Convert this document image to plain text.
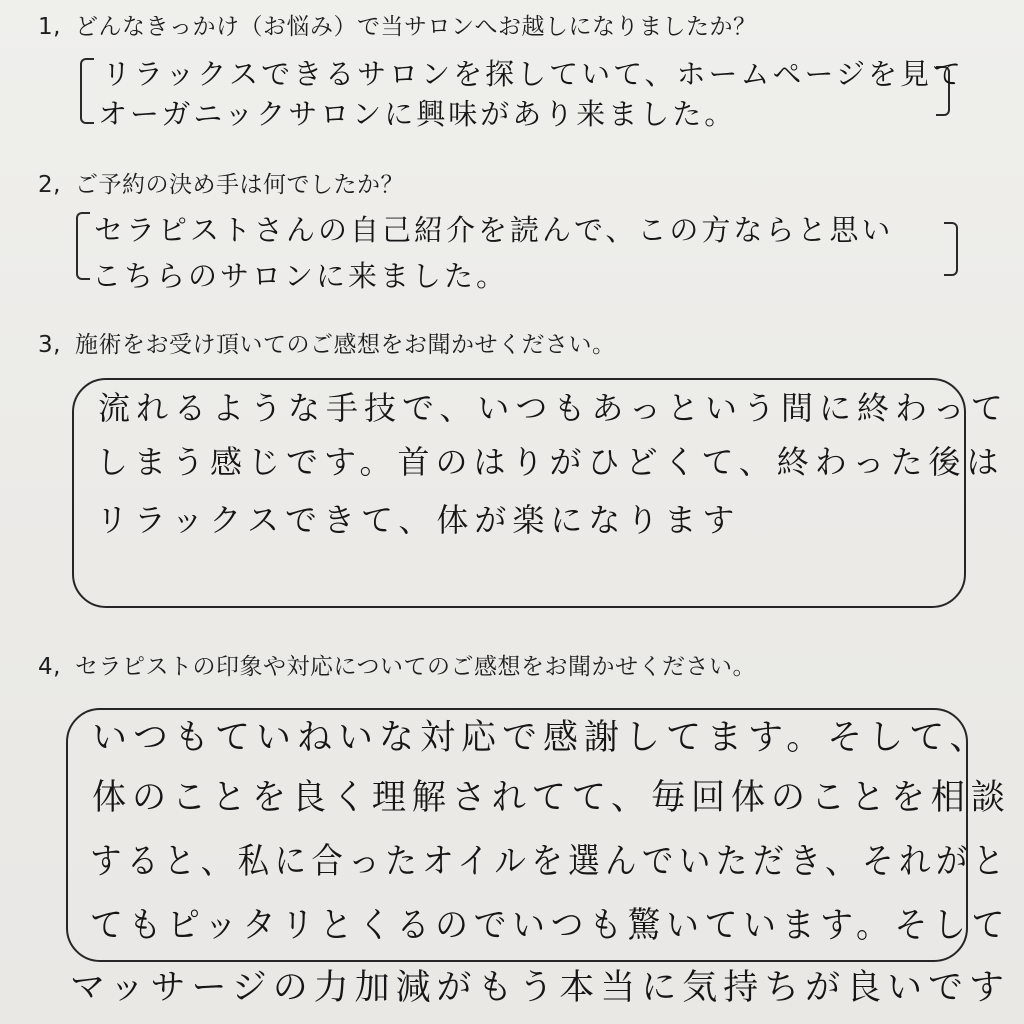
1, どんなきっかけ（お悩み）で当サロンへお越しになりましたか？
リラックスできるサロンを探していて、ホームページを見て
オーガニックサロンに興味があり来ました。
2, ご予約の決め手は何でしたか？
セラピストさんの自己紹介を読んで、この方ならと思い
こちらのサロンに来ました。
3, 施術をお受け頂いてのご感想をお聞かせください。
流れるような手技で、いつもあっという間に終わって
しまう感じです。首のはりがひどくて、終わった後は
リラックスできて、体が楽になります
4, セラピストの印象や対応についてのご感想をお聞かせください。
いつもていねいな対応で感謝してます。そして、
体のことを良く理解されてて、毎回体のことを相談
すると、私に合ったオイルを選んでいただき、それがと
てもピッタリとくるのでいつも驚いています。そして
マッサージの力加減がもう本当に気持ちが良いです
